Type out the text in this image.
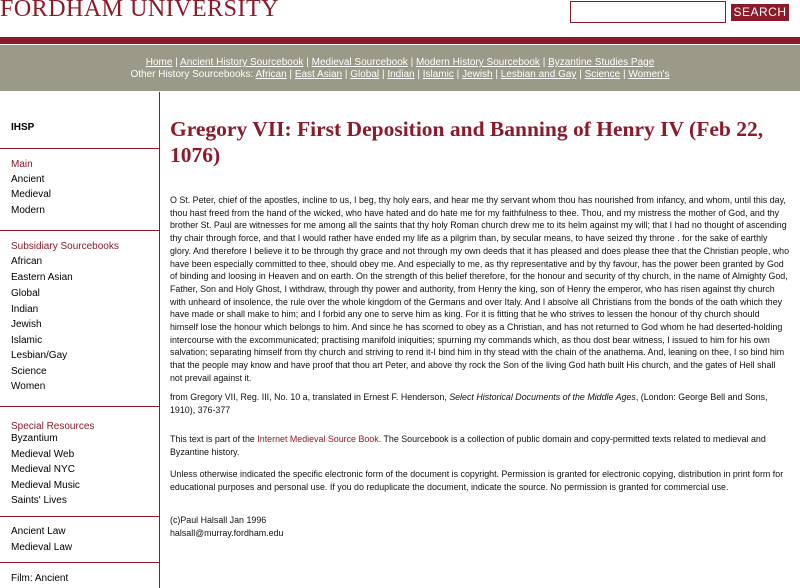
FORDHAM UNIVERSITY	SEARCH
Home | Ancient History Sourcebook | Medieval Sourcebook | Modern History Sourcebook | Byzantine Studies Page
Other History Sourcebooks: African | East Asian | Global | Indian | Islamic | Jewish | Lesbian and Gay | Science | Women's
IHSP
Main
Ancient
Medieval
Modern
Subsidiary Sourcebooks
African
Eastern Asian
Global
Indian
Jewish
Islamic
Lesbian/Gay
Science
Women
Special Resources
Byzantium
Medieval Web
Medieval NYC
Medieval Music
Saints' Lives
Ancient Law
Medieval Law
Film: Ancient
Gregory VII: First Deposition and Banning of Henry IV (Feb 22, 1076)

O St. Peter, chief of the apostles, incline to us, I beg, thy holy ears, and hear me thy servant whom thou has nourished from infancy, and whom, until this day, thou hast freed from the hand of the wicked, who have hated and do hate me for my faithfulness to thee. Thou, and my mistress the mother of God, and thy brother St. Paul are witnesses for me among all the saints that thy holy Roman church drew me to its helm against my will; that I had no thought of ascending thy chair through force, and that I would rather have ended my life as a pilgrim than, by secular means, to have seized thy throne . for the sake of earthly glory. And therefore I believe it to be through thy grace and not through my own deeds that it has pleased and does please thee that the Christian people, who have been especially committed to thee, should obey me. And especially to me, as thy representative and by thy favour, has the power been granted by God of binding and loosing in Heaven and on earth. On the strength of this belief therefore, for the honour and security of thy church, in the name of Almighty God, Father, Son and Holy Ghost, I withdraw, through thy power and authority, from Henry the king, son of Henry the emperor, who has risen against thy church with unheard of insolence, the rule over the whole kingdom of the Germans and over Italy. And I absolve all Christians from the bonds of the oath which they have made or shall make to him; and I forbid any one to serve him as king. For it is fitting that he who strives to lessen the honour of thy church should himself lose the honour which belongs to him. And since he has scorned to obey as a Christian, and has not returned to God whom he had deserted-holding intercourse with the excommunicated; practising manifold iniquities; spurning my commands which, as thou dost bear witness, I issued to him for his own salvation; separating himself from thy church and striving to rend it-I bind him in thy stead with the chain of the anathema. And, leaning on thee, I so bind him that the people may know and have proof that thou art Peter, and above thy rock the Son of the living God hath built His church, and the gates of Hell shall not prevail against it.

from Gregory VII, Reg. III, No. 10 a, translated in Ernest F. Henderson, Select Historical Documents of the Middle Ages, (London: George Bell and Sons, 1910), 376-377

This text is part of the Internet Medieval Source Book. The Sourcebook is a collection of public domain and copy-permitted texts related to medieval and Byzantine history.

Unless otherwise indicated the specific electronic form of the document is copyright. Permission is granted for electronic copying, distribution in print form for educational purposes and personal use. If you do reduplicate the document, indicate the source. No permission is granted for commercial use.

(c)Paul Halsall Jan 1996

halsall@murray.fordham.edu
